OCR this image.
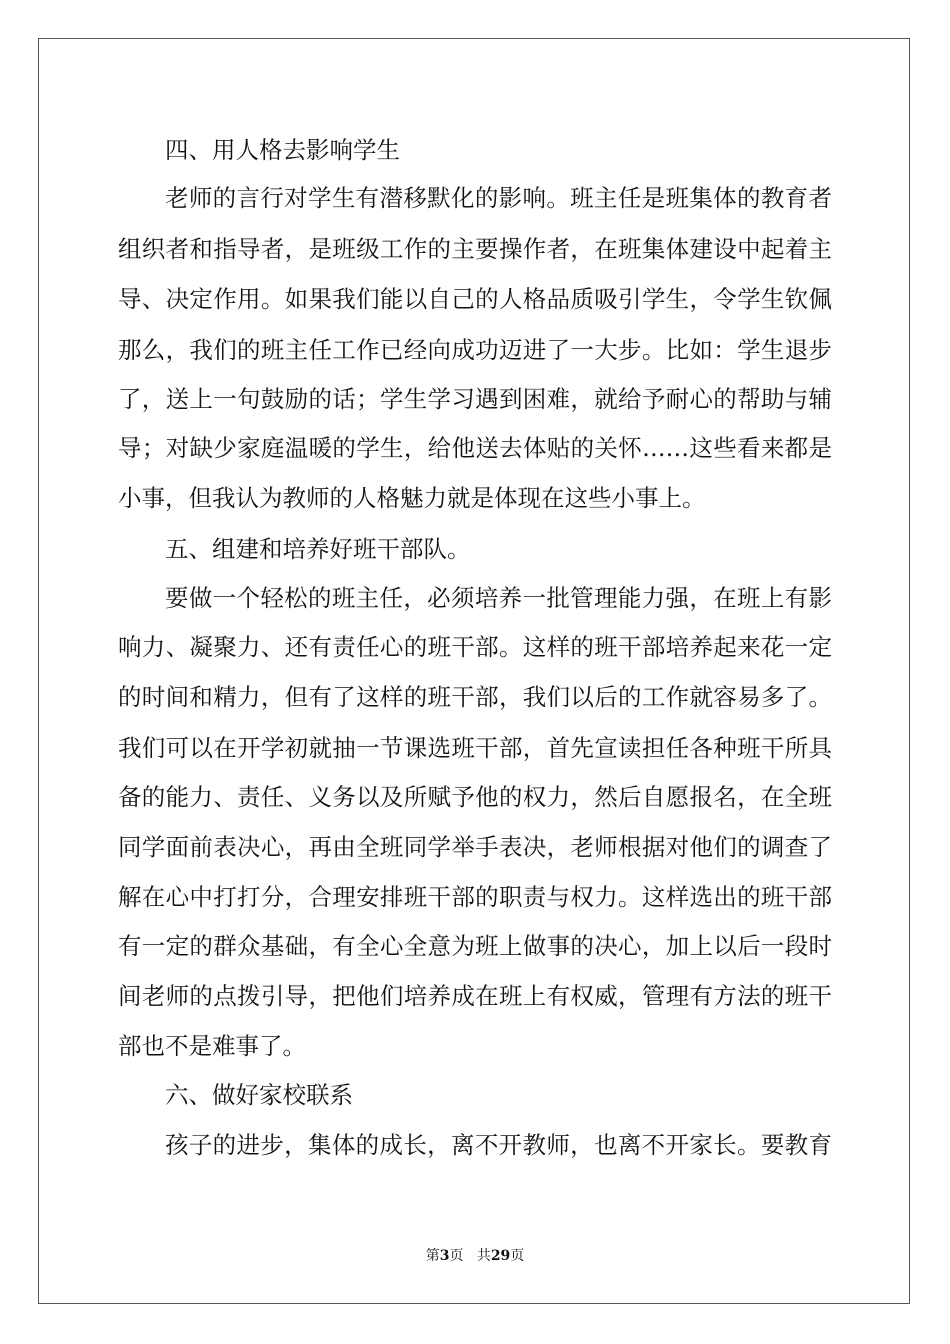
四、用人格去影响学生
老师的言行对学生有潜移默化的影响。班主任是班集体的教育者
组织者和指导者，是班级工作的主要操作者，在班集体建设中起着主
导、决定作用。如果我们能以自己的人格品质吸引学生，令学生钦佩
那么，我们的班主任工作已经向成功迈进了一大步。比如：学生退步
了，送上一句鼓励的话；学生学习遇到困难，就给予耐心的帮助与辅
导；对缺少家庭温暖的学生，给他送去体贴的关怀……这些看来都是
小事，但我认为教师的人格魅力就是体现在这些小事上。
五、组建和培养好班干部队。
要做一个轻松的班主任，必须培养一批管理能力强，在班上有影
响力、凝聚力、还有责任心的班干部。这样的班干部培养起来花一定
的时间和精力，但有了这样的班干部，我们以后的工作就容易多了。
我们可以在开学初就抽一节课选班干部，首先宣读担任各种班干所具
备的能力、责任、义务以及所赋予他的权力，然后自愿报名，在全班
同学面前表决心，再由全班同学举手表决，老师根据对他们的调查了
解在心中打打分，合理安排班干部的职责与权力。这样选出的班干部
有一定的群众基础，有全心全意为班上做事的决心，加上以后一段时
间老师的点拨引导，把他们培养成在班上有权威，管理有方法的班干
部也不是难事了。
六、做好家校联系
孩子的进步，集体的成长，离不开教师，也离不开家长。要教育
第3页 共29页
